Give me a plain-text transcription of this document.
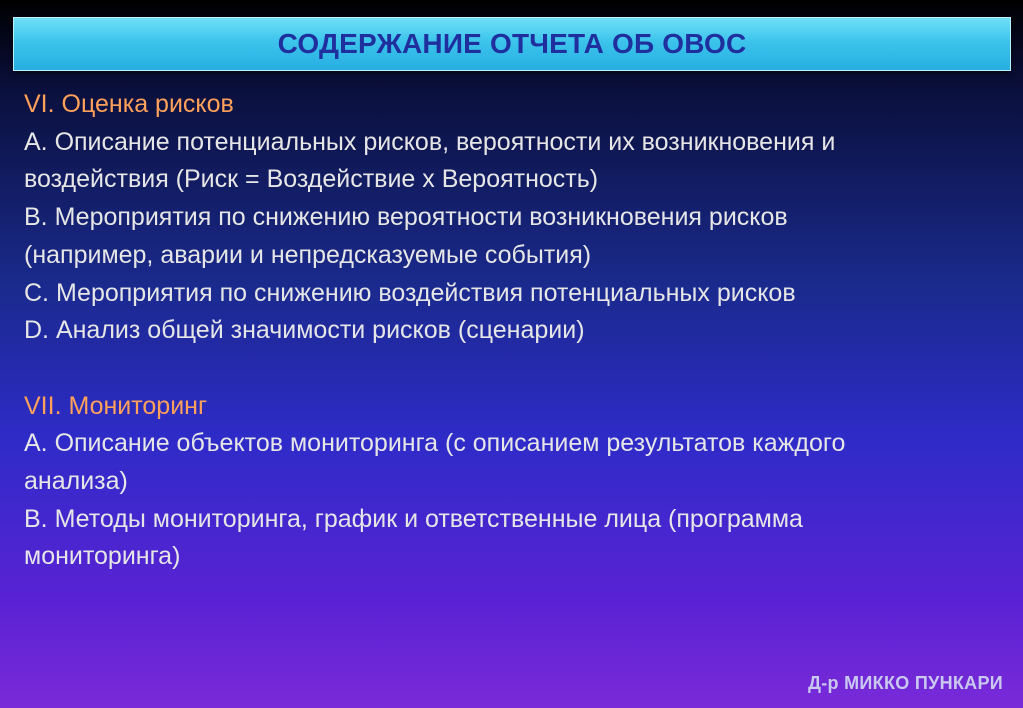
СОДЕРЖАНИЕ ОТЧЕТА ОБ ОВОС
VI. Оценка рисков
A. Описание потенциальных рисков, вероятности их возникновения и
воздействия (Риск = Воздействие х Вероятность)
B. Мероприятия по снижению вероятности возникновения рисков
(например, аварии и непредсказуемые события)
C. Мероприятия по снижению воздействия потенциальных рисков
D. Анализ общей значимости рисков (сценарии)
VII. Мониторинг
A. Описание объектов мониторинга (с описанием результатов каждого
анализа)
B. Методы мониторинга, график и ответственные лица (программа
мониторинга)
Д-р МИККО ПУНКАРИ
